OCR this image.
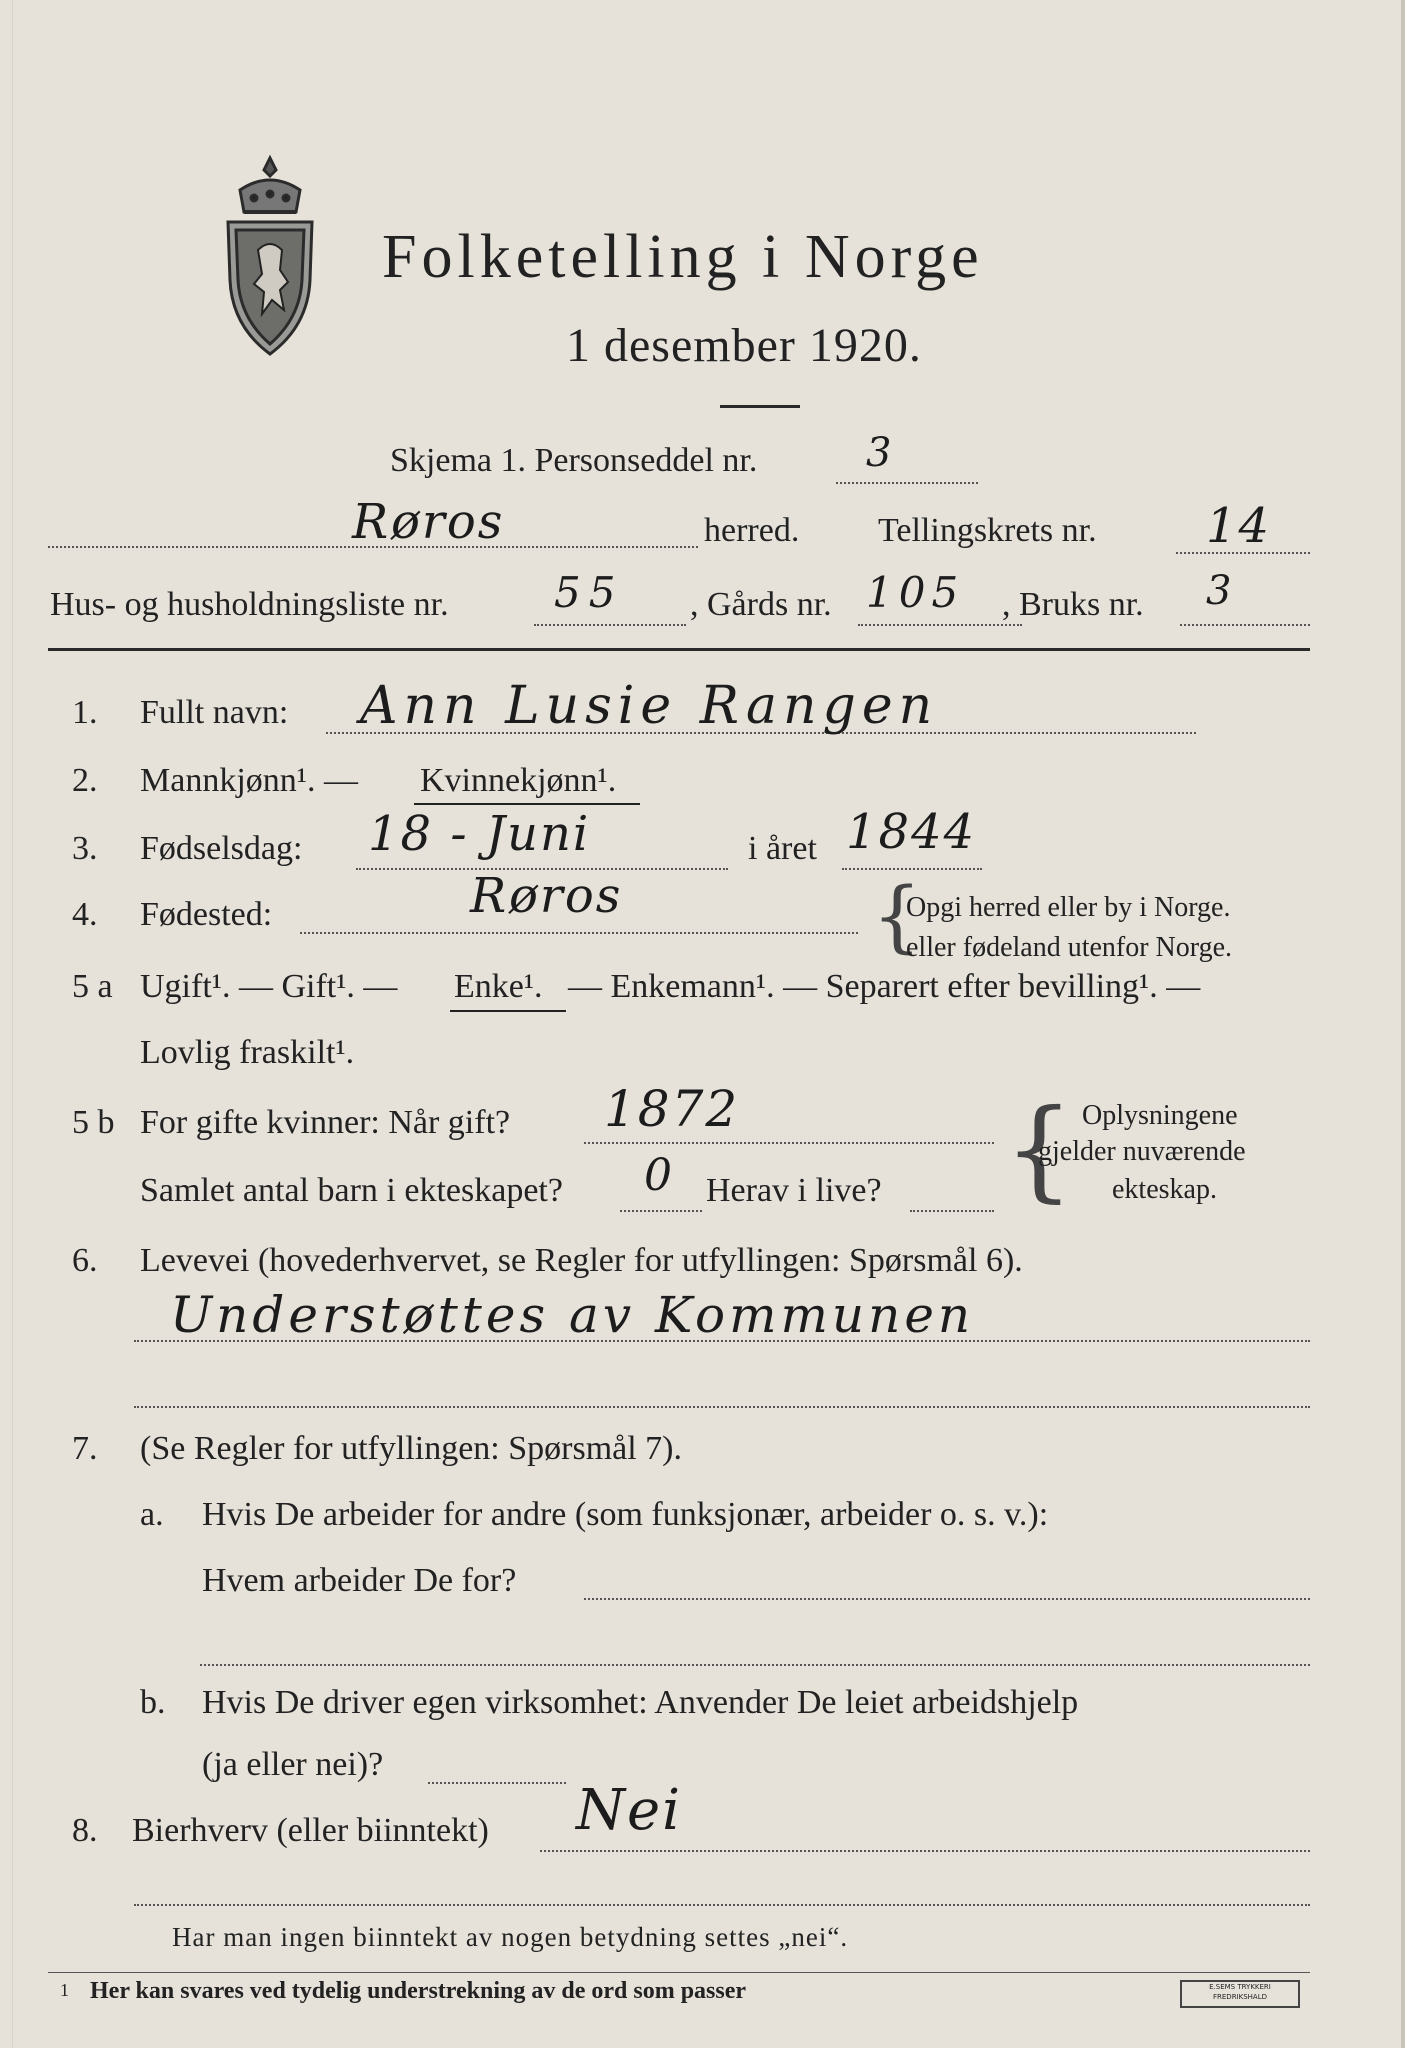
Folketelling i Norge
1 desember 1920.
Skjema 1. Personseddel nr.	3
Røros	herred. Tellingskrets nr. 14
Hus- og husholdningsliste nr.	55 , Gårds nr. 105 , Bruks nr. 3
1. Fullt navn: Ann Lusie Rangen
2. Mannkjønn¹. — Kvinnekjønn¹.
3. Fødselsdag: 18 - Juni	i året 1844
4. Fødested:	Røros	{
Opgi herred eller by i Norge.
eller fødeland utenfor Norge.
5 a Ugift¹. — Gift¹. — Enke¹. — Enkemann¹. — Separert efter bevilling¹. —
Lovlig fraskilt¹.
5 b For gifte kvinner: Når gift? 1872
Samlet antal barn i ekteskapet? 0 Herav i live? { Oplysningene
gjelder nuværende
ekteskap.
6. Levevei (hovederhvervet, se Regler for utfyllingen: Spørsmål 6).
Understøttes av Kommunen
7. (Se Regler for utfyllingen: Spørsmål 7).
a. Hvis De arbeider for andre (som funksjonær, arbeider o. s. v.):
Hvem arbeider De for?
b. Hvis De driver egen virksomhet: Anvender De leiet arbeidshjelp
(ja eller nei)?
8. Bierhverv (eller biinntekt) Nei
Har man ingen biinntekt av nogen betydning settes „nei“.
1 Her kan svares ved tydelig understrekning av de ord som passer	E.SEMS TRYKKERI FREDRIKSHALD
